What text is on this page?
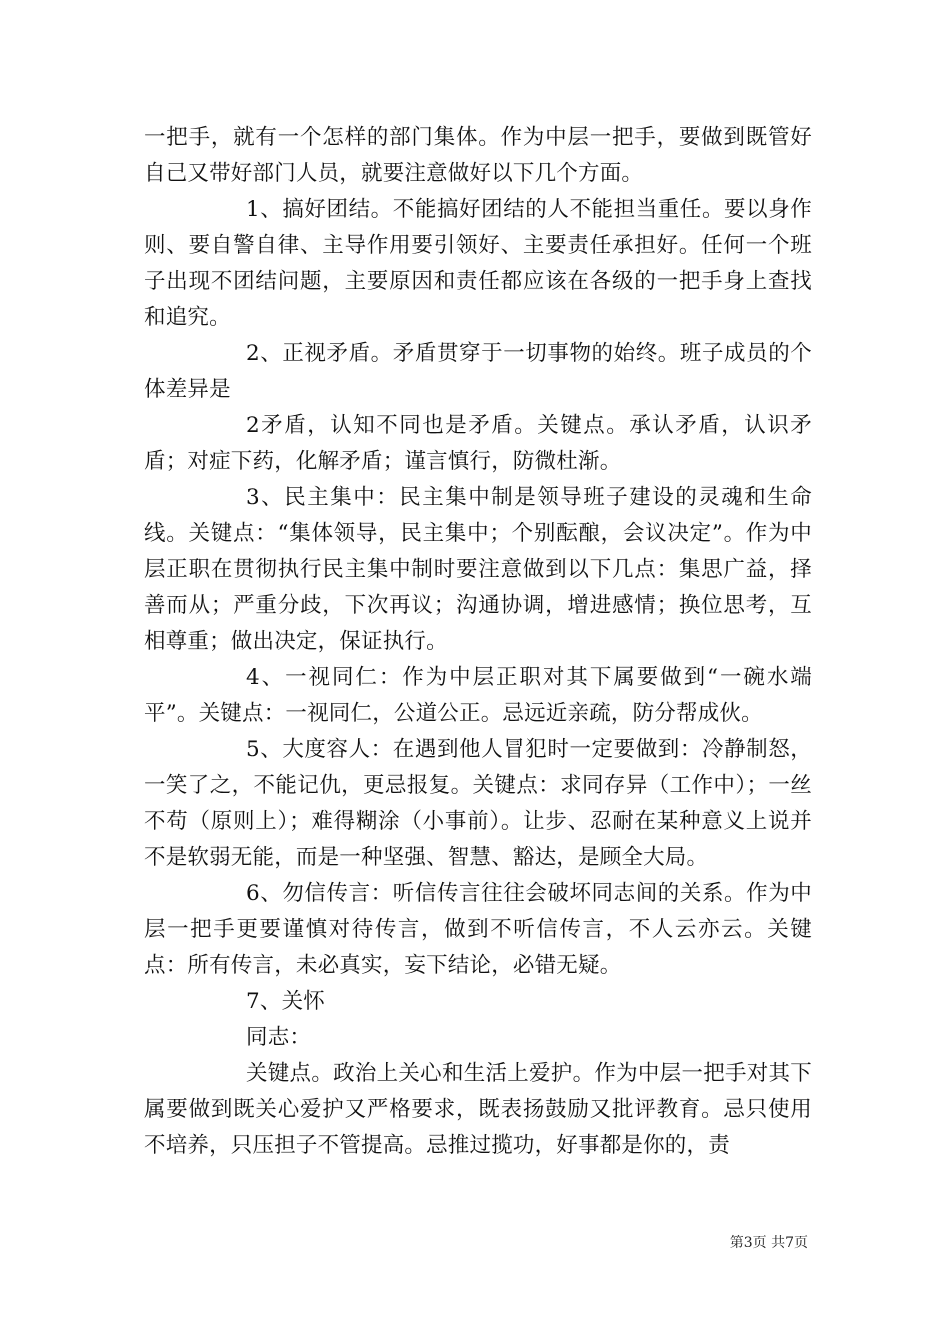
一把手，就有一个怎样的部门集体。作为中层一把手，要做到既管好自己又带好部门人员，就要注意做好以下几个方面。

1、搞好团结。不能搞好团结的人不能担当重任。要以身作则、要自警自律、主导作用要引领好、主要责任承担好。任何一个班子出现不团结问题，主要原因和责任都应该在各级的一把手身上查找和追究。

2、正视矛盾。矛盾贯穿于一切事物的始终。班子成员的个体差异是

2矛盾，认知不同也是矛盾。关键点。承认矛盾，认识矛盾；对症下药，化解矛盾；谨言慎行，防微杜渐。

3、民主集中：民主集中制是领导班子建设的灵魂和生命线。关键点：“集体领导，民主集中；个别酝酿，会议决定”。作为中层正职在贯彻执行民主集中制时要注意做到以下几点：集思广益，择善而从；严重分歧，下次再议；沟通协调，增进感情；换位思考，互相尊重；做出决定，保证执行。

4、一视同仁：作为中层正职对其下属要做到“一碗水端平”。关键点：一视同仁，公道公正。忌远近亲疏，防分帮成伙。

5、大度容人：在遇到他人冒犯时一定要做到：冷静制怒，一笑了之，不能记仇，更忌报复。关键点：求同存异（工作中）；一丝不苟（原则上）；难得糊涂（小事前）。让步、忍耐在某种意义上说并不是软弱无能，而是一种坚强、智慧、豁达，是顾全大局。

6、勿信传言：听信传言往往会破坏同志间的关系。作为中层一把手更要谨慎对待传言，做到不听信传言，不人云亦云。关键点：所有传言，未必真实，妄下结论，必错无疑。

7、关怀

同志：

关键点。政治上关心和生活上爱护。作为中层一把手对其下属要做到既关心爱护又严格要求，既表扬鼓励又批评教育。忌只使用不培养，只压担子不管提高。忌推过揽功，好事都是你的，责

第3页 共7页
